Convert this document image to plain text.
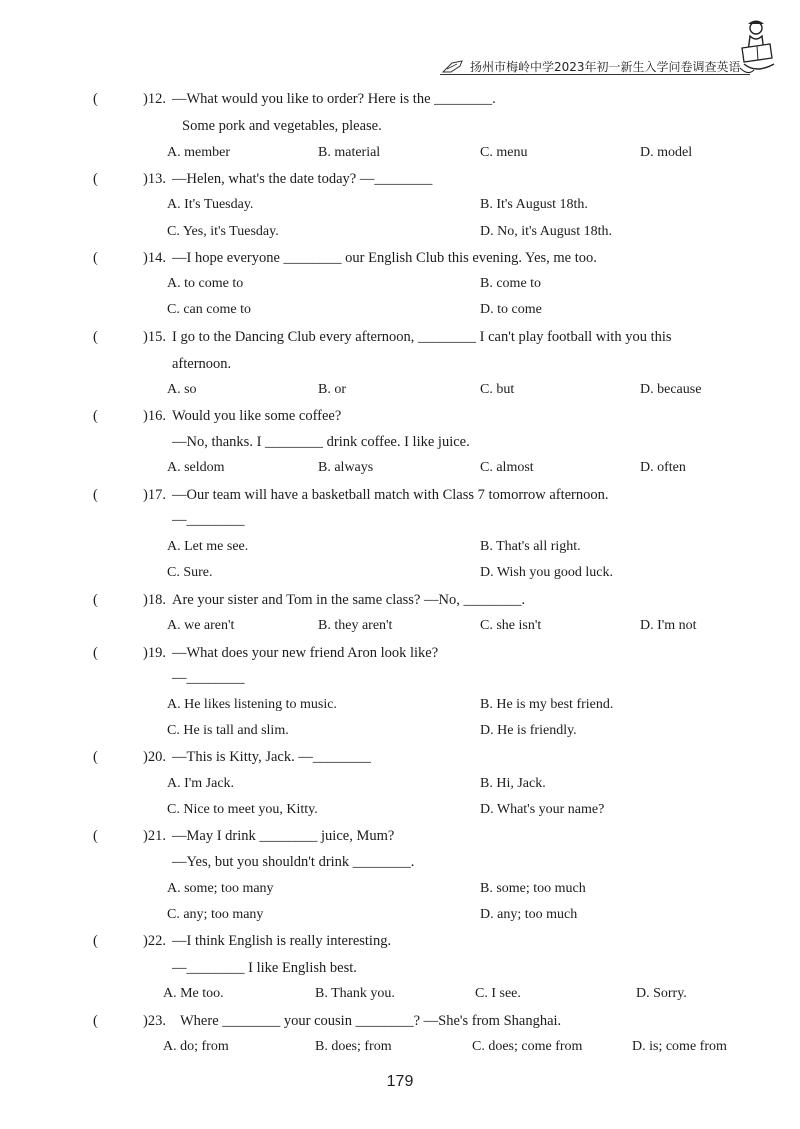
扬州市梅岭中学2023年初一新生入学问卷调查英语
(	)12. —What would you like to order? Here is the ________.
Some pork and vegetables, please.
A. member	B. material	C. menu	D. model
(	)13. —Helen, what's the date today? —________
A. It's Tuesday.	B. It's August 18th.
C. Yes, it's Tuesday.	D. No, it's August 18th.
(	)14. —I hope everyone ________ our English Club this evening. Yes, me too.
A. to come to	B. come to
C. can come to	D. to come
(	)15. I go to the Dancing Club every afternoon, ________ I can't play football with you this
afternoon.
A. so	B. or	C. but	D. because
(	)16. Would you like some coffee?
—No, thanks. I ________ drink coffee. I like juice.
A. seldom	B. always	C. almost	D. often
(	)17. —Our team will have a basketball match with Class 7 tomorrow afternoon.
—________
A. Let me see.	B. That's all right.
C. Sure.	D. Wish you good luck.
(	)18. Are your sister and Tom in the same class? —No, ________.
A. we aren't	B. they aren't	C. she isn't	D. I'm not
(	)19. —What does your new friend Aron look like?
—________
A. He likes listening to music.	B. He is my best friend.
C. He is tall and slim.	D. He is friendly.
(	)20. —This is Kitty, Jack. —________
A. I'm Jack.	B. Hi, Jack.
C. Nice to meet you, Kitty.	D. What's your name?
(	)21. —May I drink ________ juice, Mum?
—Yes, but you shouldn't drink ________.
A. some; too many	B. some; too much
C. any; too many	D. any; too much
(	)22. —I think English is really interesting.
—________ I like English best.
A. Me too.	B. Thank you.	C. I see.	D. Sorry.
(	)23. Where ________ your cousin ________? —She's from Shanghai.
A. do; from	B. does; from	C. does; come from	D. is; come from
179
